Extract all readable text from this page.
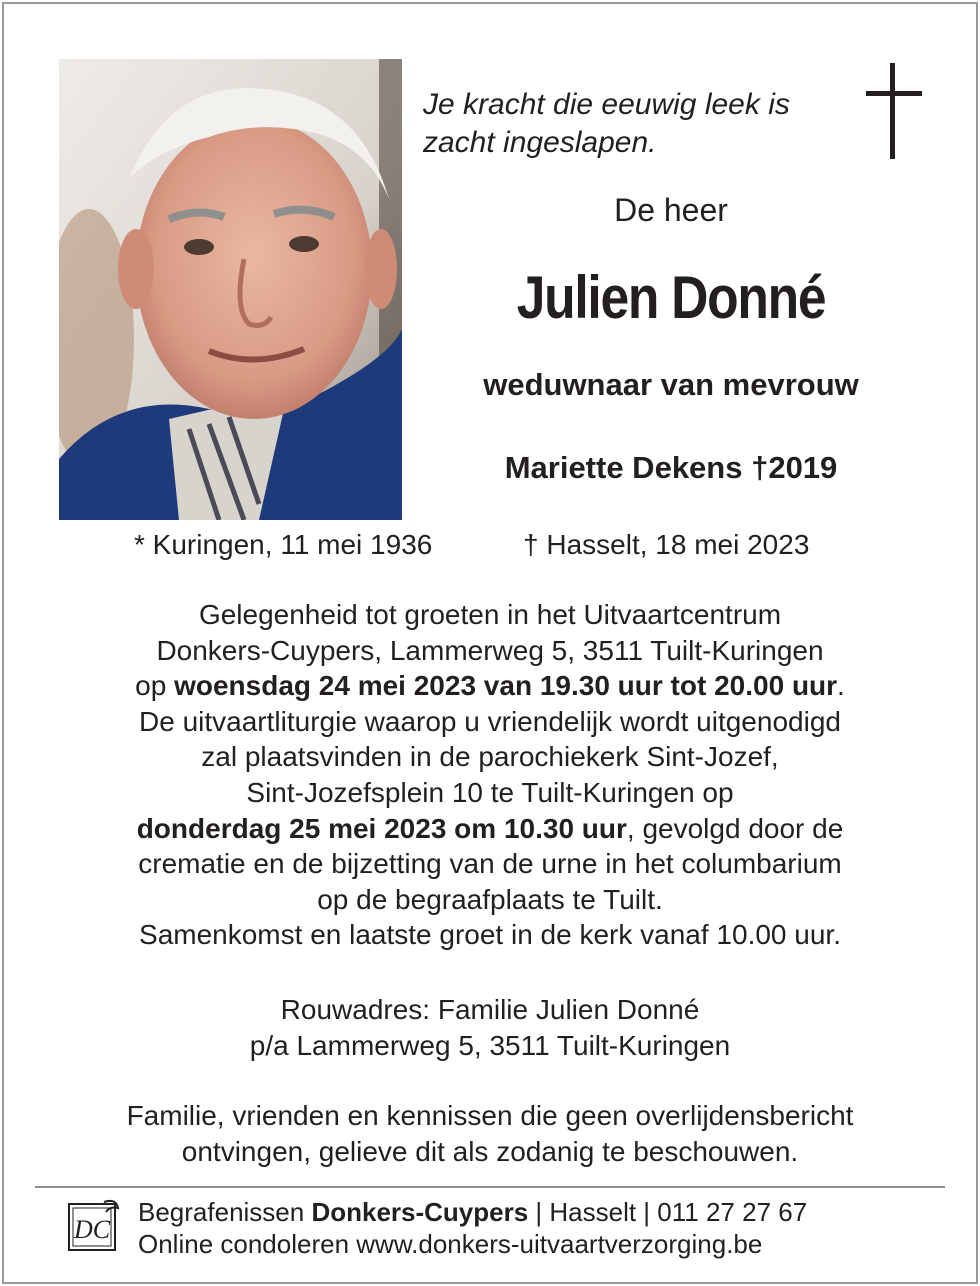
Je kracht die eeuwig leek is
zacht ingeslapen.
De heer
Julien Donné
weduwnaar van mevrouw
Mariette Dekens †2019
* Kuringen, 11 mei 1936	† Hasselt, 18 mei 2023

Gelegenheid tot groeten in het Uitvaartcentrum

Donkers-Cuypers, Lammerweg 5, 3511 Tuilt-Kuringen

op woensdag 24 mei 2023 van 19.30 uur tot 20.00 uur.

De uitvaartliturgie waarop u vriendelijk wordt uitgenodigd

zal plaatsvinden in de parochiekerk Sint-Jozef,

Sint-Jozefsplein 10 te Tuilt-Kuringen op

donderdag 25 mei 2023 om 10.30 uur, gevolgd door de

crematie en de bijzetting van de urne in het columbarium

op de begraafplaats te Tuilt.

Samenkomst en laatste groet in de kerk vanaf 10.00 uur.

Rouwadres: Familie Julien Donné

p/a Lammerweg 5, 3511 Tuilt-Kuringen

Familie, vrienden en kennissen die geen overlijdensbericht

ontvingen, gelieve dit als zodanig te beschouwen.

DC
Begrafenissen Donkers-Cuypers | Hasselt | 011 27 27 67
Online condoleren www.donkers-uitvaartverzorging.be
